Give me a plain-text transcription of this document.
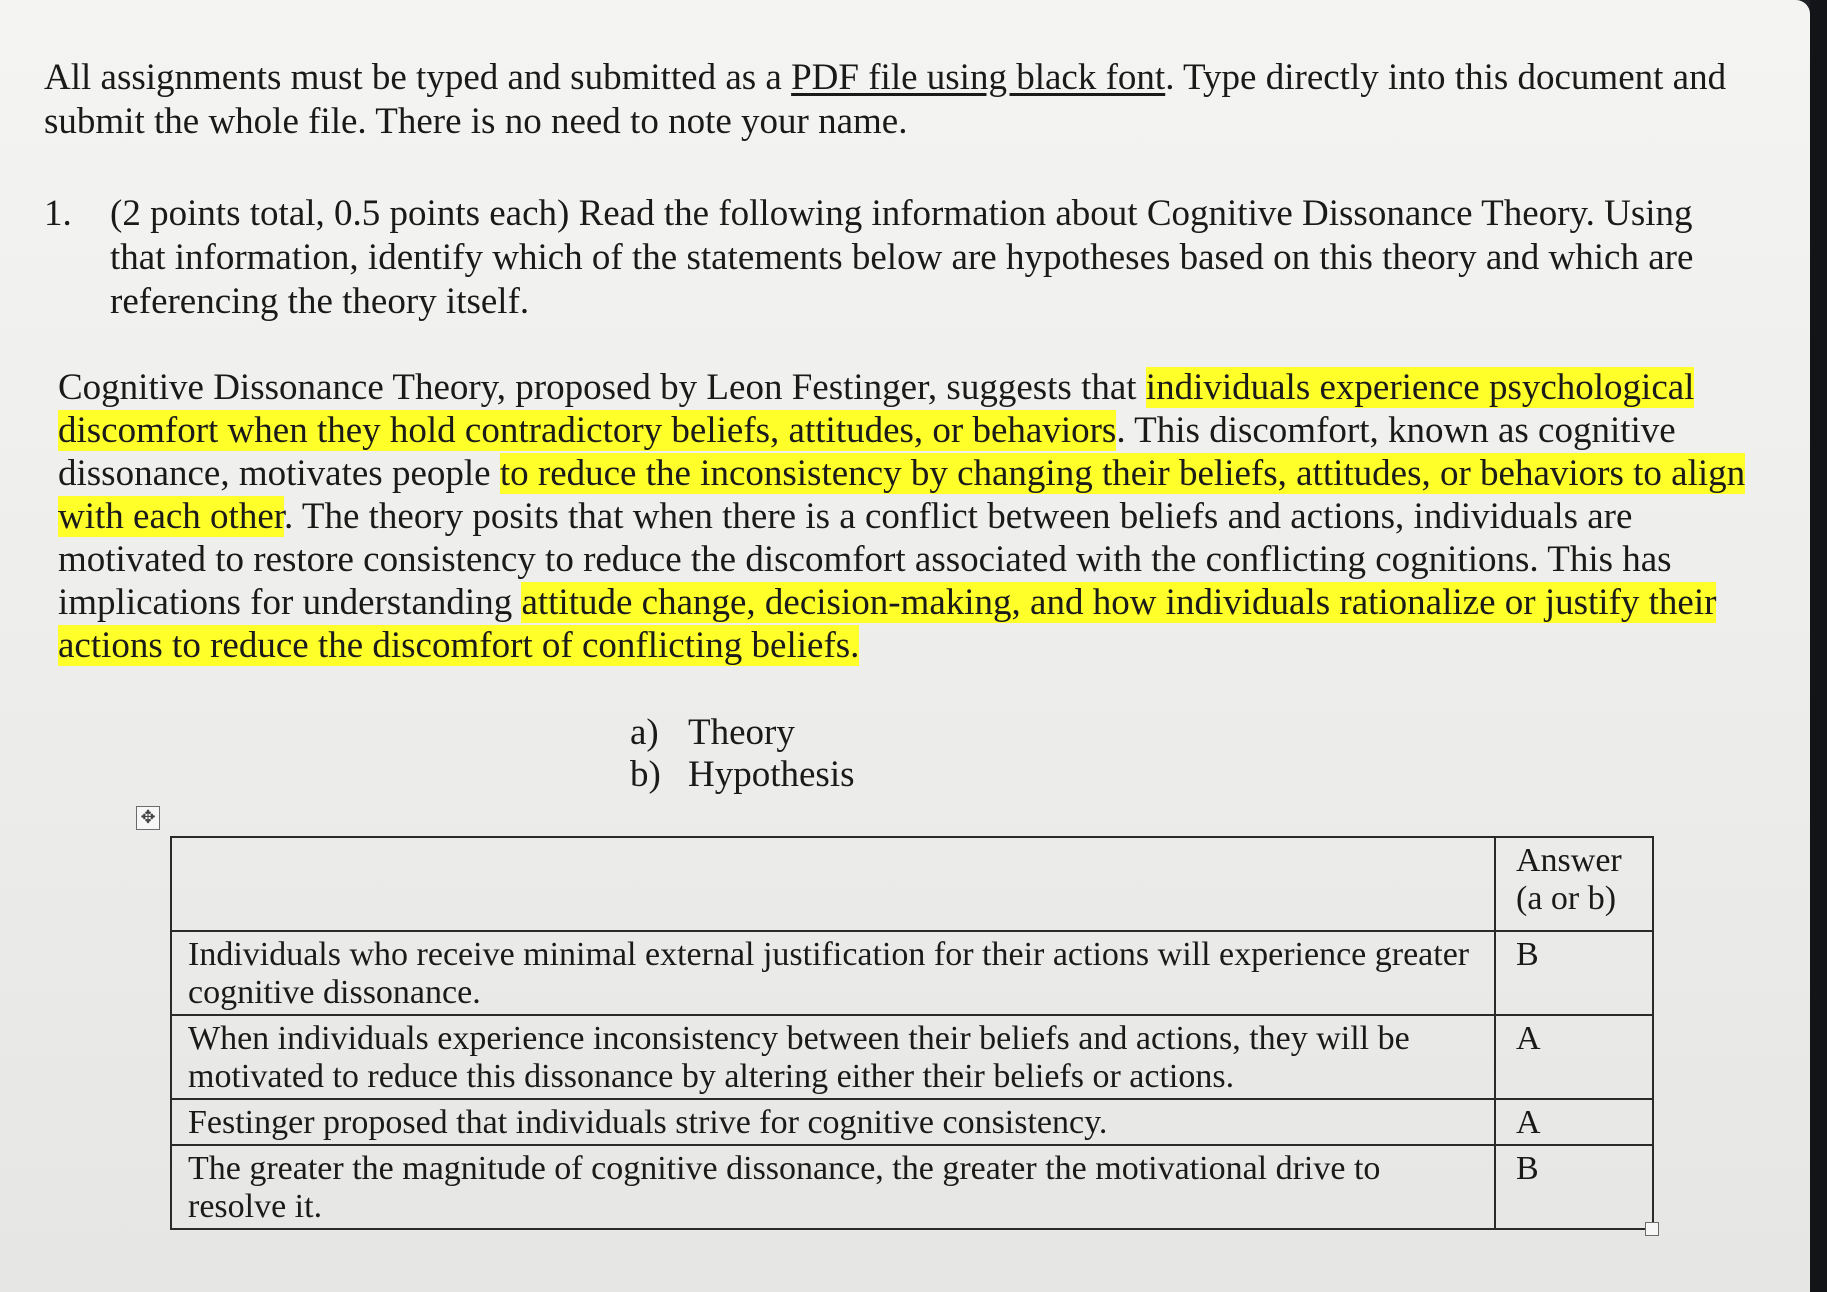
All assignments must be typed and submitted as a PDF file using black font. Type directly into this document and submit the whole file. There is no need to note your name.

1.	(2 points total, 0.5 points each) Read the following information about Cognitive Dissonance Theory. Using that information, identify which of the statements below are hypotheses based on this theory and which are referencing the theory itself.

Cognitive Dissonance Theory, proposed by Leon Festinger, suggests that individuals experience psychological discomfort when they hold contradictory beliefs, attitudes, or behaviors. This discomfort, known as cognitive dissonance, motivates people to reduce the inconsistency by changing their beliefs, attitudes, or behaviors to align with each other. The theory posits that when there is a conflict between beliefs and actions, individuals are motivated to restore consistency to reduce the discomfort associated with the conflicting cognitions. This has implications for understanding attitude change, decision-making, and how individuals rationalize or justify their actions to reduce the discomfort of conflicting beliefs.

a) Theory
b) Hypothesis
✥
	Answer (a or b)
Individuals who receive minimal external justification for their actions will experience greater cognitive dissonance.	B
When individuals experience inconsistency between their beliefs and actions, they will be motivated to reduce this dissonance by altering either their beliefs or actions.	A
Festinger proposed that individuals strive for cognitive consistency.	A
The greater the magnitude of cognitive dissonance, the greater the motivational drive to resolve it.	B
